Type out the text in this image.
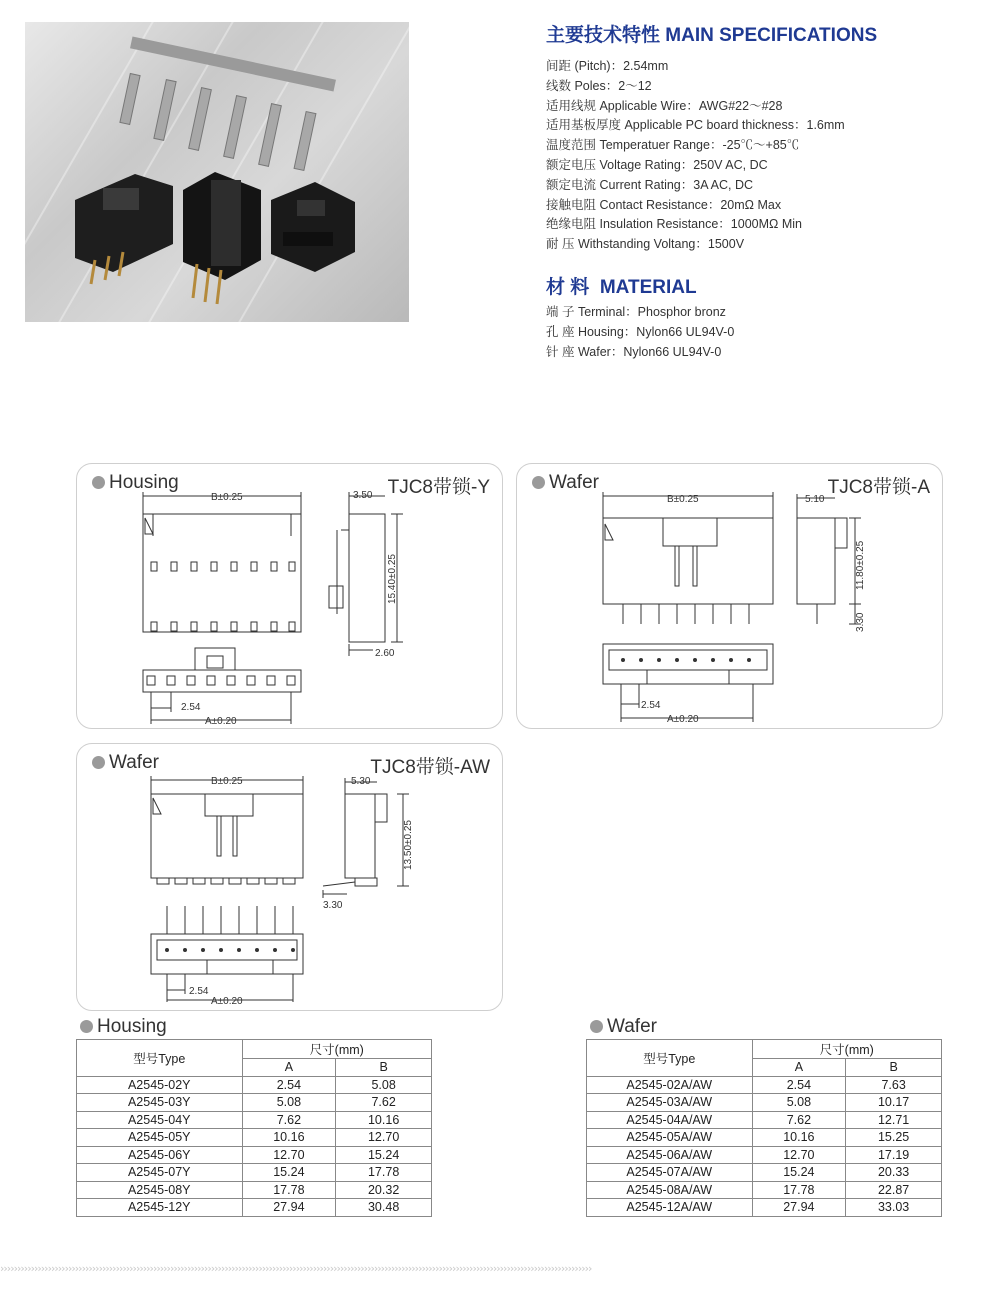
主要技术特性 MAIN SPECIFICATIONS
间距 (Pitch)：2.54mm
线数 Poles：2～12
适用线规 Applicable Wire：AWG#22～#28
适用基板厚度 Applicable PC board thickness：1.6mm
温度范围 Temperatuer Range：-25℃～+85℃
额定电压 Voltage Rating：250V AC, DC
额定电流 Current Rating：3A AC, DC
接触电阻 Contact Resistance：20mΩ Max
绝缘电阻 Insulation Resistance：1000MΩ Min
耐 压 Withstanding Voltang：1500V
材 料 MATERIAL
端 子 Terminal：Phosphor bronz
孔 座 Housing：Nylon66 UL94V-0
针 座 Wafer：Nylon66 UL94V-0
Housing	TJC8带锁-Y
B±0.25	3.50
15.40±0.25
2.60
2.54
A±0.20
Wafer	TJC8带锁-A
B±0.25	5.10
11.80±0.25
3.30
2.54
A±0.20
Wafer	TJC8带锁-AW
B±0.25	5.30
13.50±0.25
3.30
2.54
A±0.20
Housing
型号Type	尺寸(mm)	
	A	B
A2545-02Y	2.54	5.08
A2545-03Y	5.08	7.62
A2545-04Y	7.62	10.16
A2545-05Y	10.16	12.70
A2545-06Y	12.70	15.24
A2545-07Y	15.24	17.78
A2545-08Y	17.78	20.32
A2545-12Y	27.94	30.48
Wafer
型号Type	尺寸(mm)	
	A	B
A2545-02A/AW	2.54	7.63
A2545-03A/AW	5.08	10.17
A2545-04A/AW	7.62	12.71
A2545-05A/AW	10.16	15.25
A2545-06A/AW	12.70	17.19
A2545-07A/AW	15.24	20.33
A2545-08A/AW	17.78	22.87
A2545-12A/AW	27.94	33.03
››››››››››››››››››››››››››››››››››››››››››››››››››››››››››››››››››››››››››››››››››››››››››››››››››››››››››››››››››››››››››››››››››››››››››››››››››››››››››››››››››››››››››››››
